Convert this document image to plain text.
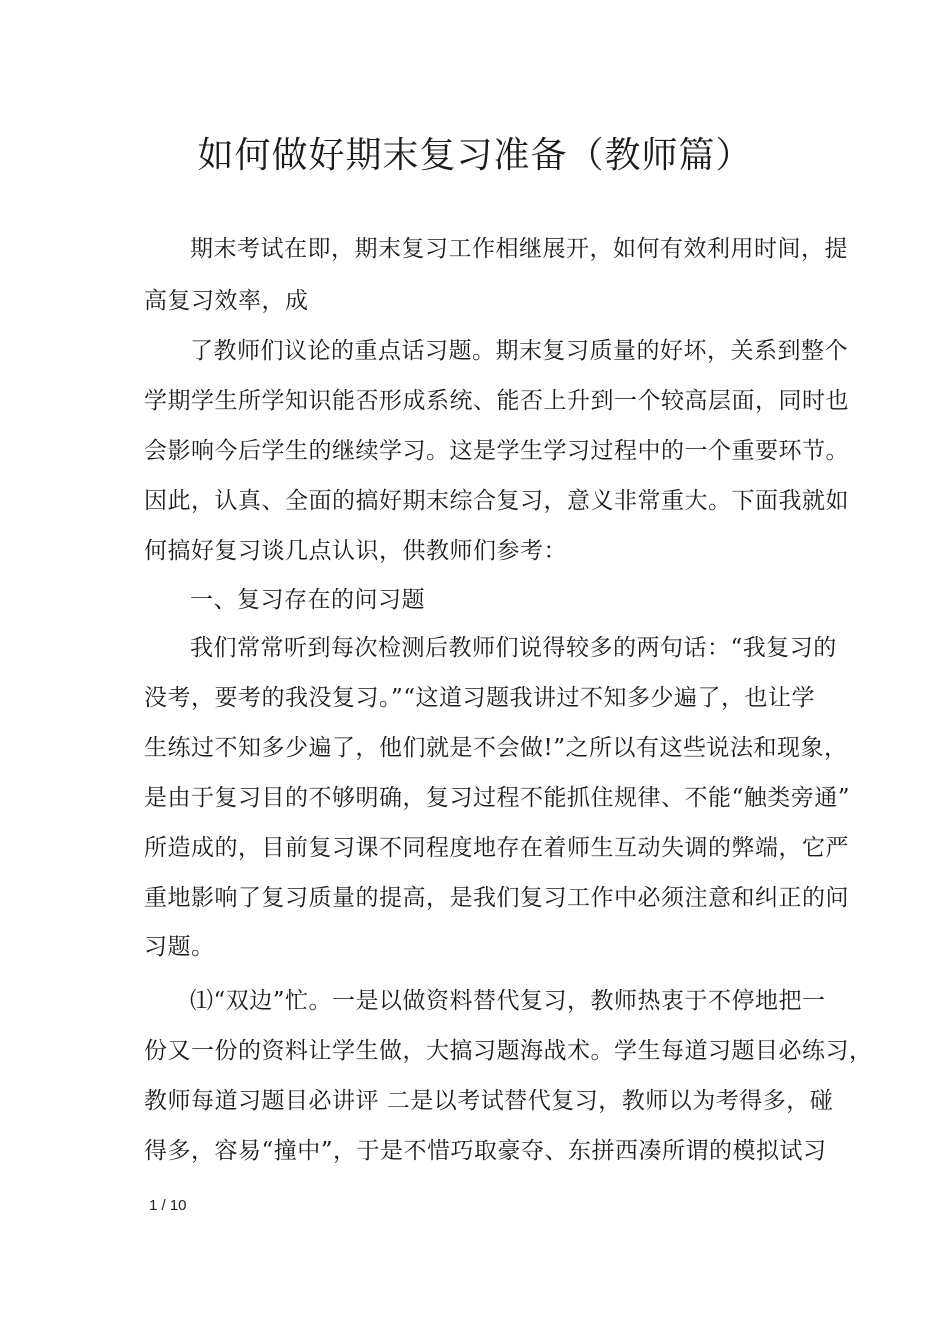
如何做好期末复习准备（教师篇）
期末考试在即，期末复习工作相继展开，如何有效利用时间，提
高复习效率，成
了教师们议论的重点话习题。期末复习质量的好坏，关系到整个
学期学生所学知识能否形成系统、能否上升到一个较高层面，同时也
会影响今后学生的继续学习。这是学生学习过程中的一个重要环节。
因此，认真、全面的搞好期末综合复习，意义非常重大。下面我就如
何搞好复习谈几点认识，供教师们参考：
一、复习存在的问习题
我们常常听到每次检测后教师们说得较多的两句话：“我复习的
没考，要考的我没复习。”“这道习题我讲过不知多少遍了，也让学
生练过不知多少遍了，他们就是不会做!”之所以有这些说法和现象，
是由于复习目的不够明确，复习过程不能抓住规律、不能“触类旁通”
所造成的，目前复习课不同程度地存在着师生互动失调的弊端，它严
重地影响了复习质量的提高，是我们复习工作中必须注意和纠正的问
习题。
⑴“双边”忙。一是以做资料替代复习，教师热衷于不停地把一
份又一份的资料让学生做，大搞习题海战术。学生每道习题目必练习，
教师每道习题目必讲评 二是以考试替代复习，教师以为考得多，碰
得多，容易“撞中”，于是不惜巧取豪夺、东拼西凑所谓的模拟试习
1 / 10
